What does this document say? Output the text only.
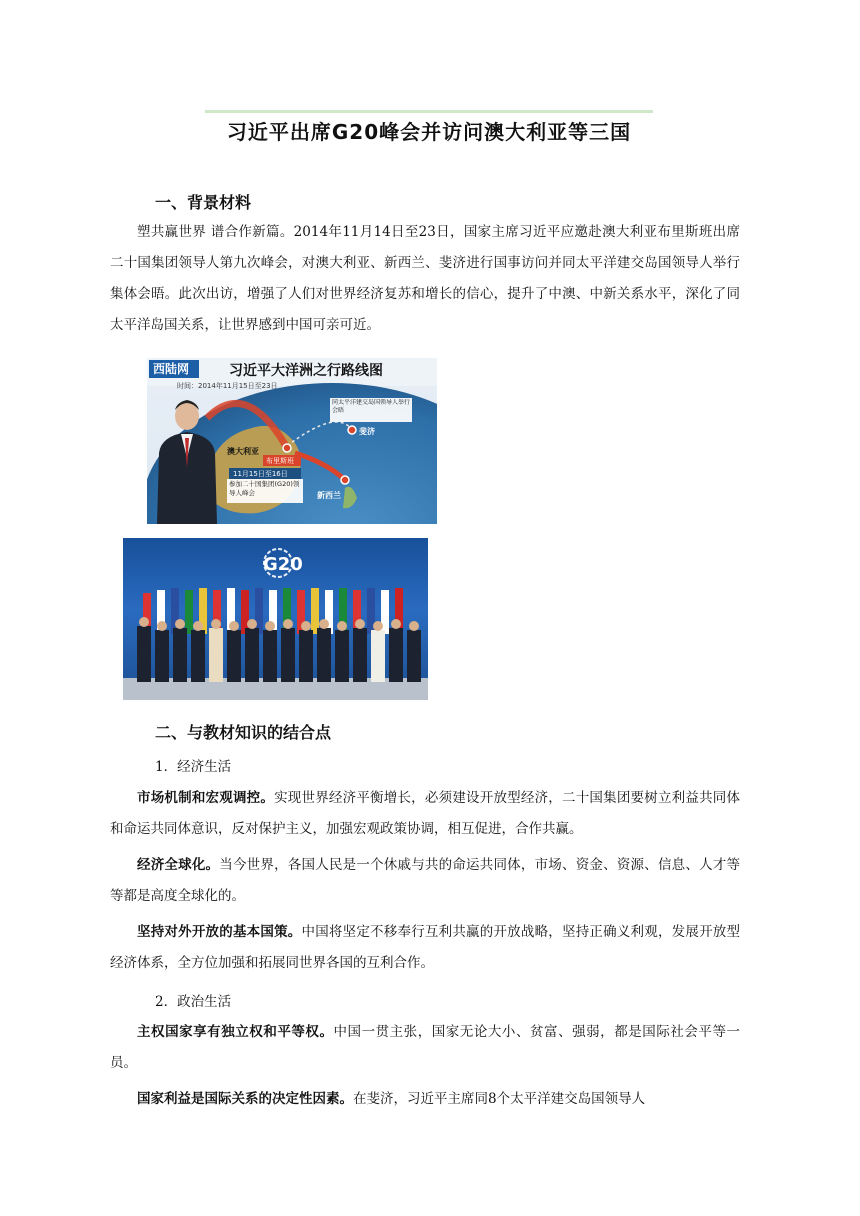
习近平出席G20峰会并访问澳大利亚等三国
一、背景材料
塑共赢世界 谱合作新篇。2014年11月14日至23日，国家主席习近平应邀赴澳大利亚布里斯班出席二十国集团领导人第九次峰会，对澳大利亚、新西兰、斐济进行国事访问并同太平洋建交岛国领导人举行集体会晤。此次出访，增强了人们对世界经济复苏和增长的信心，提升了中澳、中新关系水平，深化了同太平洋岛国关系，让世界感到中国可亲可近。
西陆网	习近平大洋洲之行路线图
时间：2014年11月15日至23日
同太平洋建交岛国领导人举行会晤
斐济
澳大利亚
布里斯班
11月15日至16日
参加二十国集团(G20)领导人峰会	新西兰
G20
二、与教材知识的结合点
1．经济生活
市场机制和宏观调控。实现世界经济平衡增长，必须建设开放型经济，二十国集团要树立利益共同体和命运共同体意识，反对保护主义，加强宏观政策协调，相互促进，合作共赢。
经济全球化。当今世界，各国人民是一个休戚与共的命运共同体，市场、资金、资源、信息、人才等等都是高度全球化的。
坚持对外开放的基本国策。中国将坚定不移奉行互利共赢的开放战略，坚持正确义利观，发展开放型经济体系，全方位加强和拓展同世界各国的互利合作。
2．政治生活
主权国家享有独立权和平等权。中国一贯主张，国家无论大小、贫富、强弱，都是国际社会平等一员。
国家利益是国际关系的决定性因素。在斐济，习近平主席同8个太平洋建交岛国领导人
